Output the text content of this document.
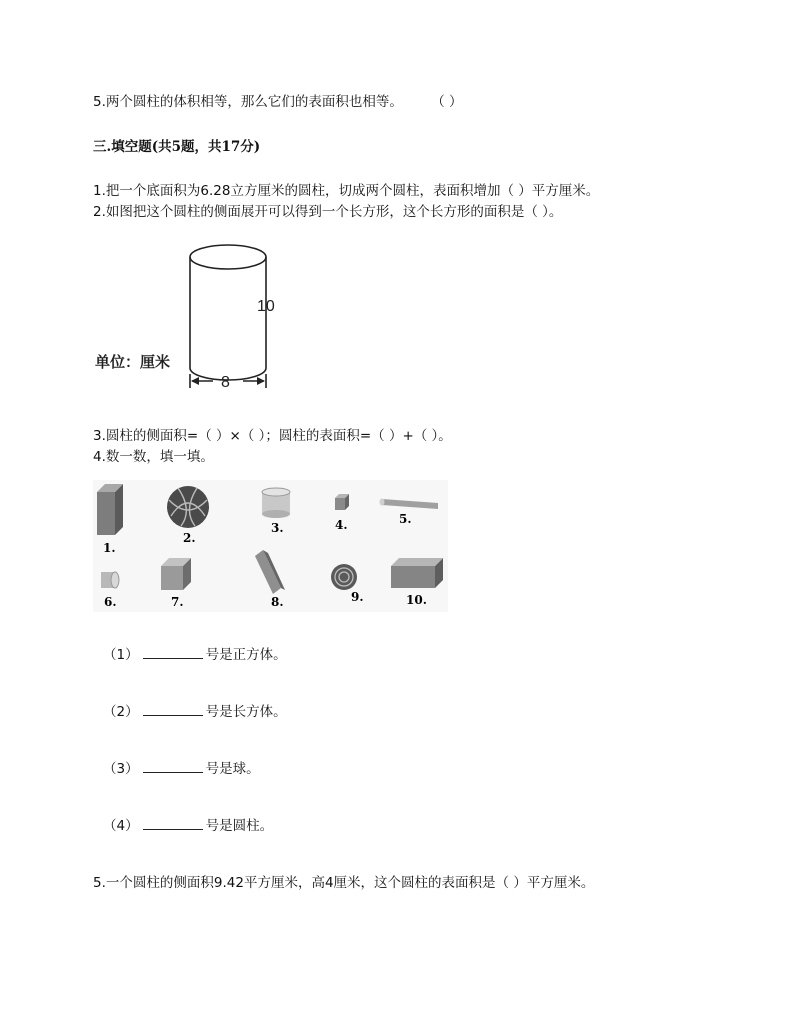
5.两个圆柱的体积相等，那么它们的表面积也相等。 （ ）
三.填空题(共5题，共17分)
1.把一个底面积为6.28立方厘米的圆柱，切成两个圆柱，表面积增加（ ）平方厘米。
2.如图把这个圆柱的侧面展开可以得到一个长方形，这个长方形的面积是（ ）。
10
8
单位：厘米
3.圆柱的侧面积=（ ）×（ ）；圆柱的表面积=（ ）+（ ）。
4.数一数，填一填。
1.
2.
3.	4.	5.
6.	7.	8.	9.	10.
（1）	号是正方体。
（2）	号是长方体。
（3）	号是球。
（4）	号是圆柱。
5.一个圆柱的侧面积9.42平方厘米，高4厘米，这个圆柱的表面积是（ ）平方厘米。
